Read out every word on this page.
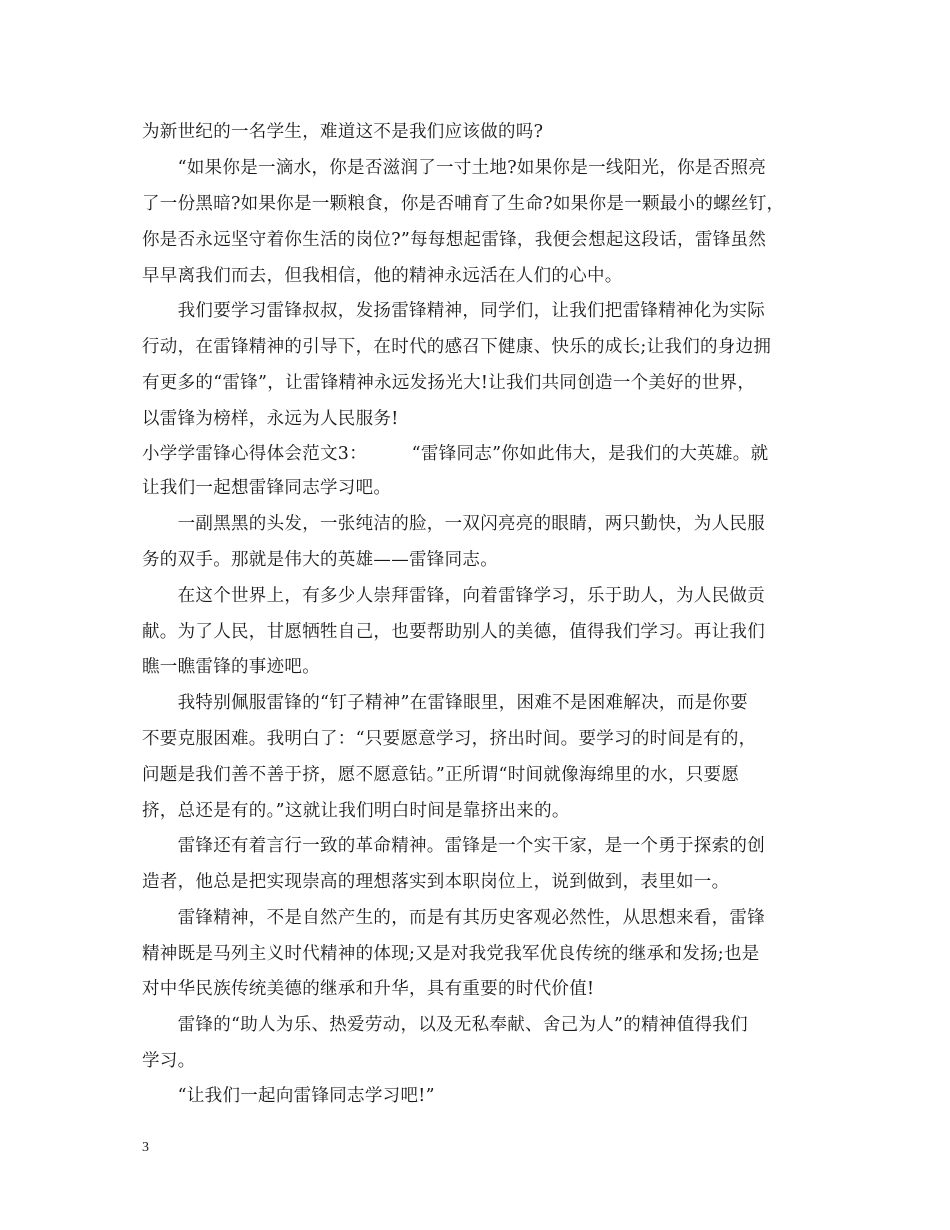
为新世纪的一名学生，难道这不是我们应该做的吗?
　　“如果你是一滴水，你是否滋润了一寸土地?如果你是一线阳光，你是否照亮
了一份黑暗?如果你是一颗粮食，你是否哺育了生命?如果你是一颗最小的螺丝钉，
你是否永远坚守着你生活的岗位?”每每想起雷锋，我便会想起这段话，雷锋虽然
早早离我们而去，但我相信，他的精神永远活在人们的心中。
　　我们要学习雷锋叔叔，发扬雷锋精神，同学们，让我们把雷锋精神化为实际
行动，在雷锋精神的引导下，在时代的感召下健康、快乐的成长;让我们的身边拥
有更多的“雷锋”，让雷锋精神永远发扬光大!让我们共同创造一个美好的世界，
以雷锋为榜样，永远为人民服务!
小学学雷锋心得体会范文3：　　　“雷锋同志”你如此伟大，是我们的大英雄。就
让我们一起想雷锋同志学习吧。
　　一副黑黑的头发，一张纯洁的脸，一双闪亮亮的眼睛，两只勤快，为人民服
务的双手。那就是伟大的英雄——雷锋同志。
　　在这个世界上，有多少人崇拜雷锋，向着雷锋学习，乐于助人，为人民做贡
献。为了人民，甘愿牺牲自己，也要帮助别人的美德，值得我们学习。再让我们
瞧一瞧雷锋的事迹吧。
　　我特别佩服雷锋的“钉子精神”在雷锋眼里，困难不是困难解决，而是你要
不要克服困难。我明白了：“只要愿意学习，挤出时间。要学习的时间是有的，
问题是我们善不善于挤，愿不愿意钻。”正所谓“时间就像海绵里的水，只要愿
挤，总还是有的。”这就让我们明白时间是靠挤出来的。
　　雷锋还有着言行一致的革命精神。雷锋是一个实干家，是一个勇于探索的创
造者，他总是把实现崇高的理想落实到本职岗位上，说到做到，表里如一。
　　雷锋精神，不是自然产生的，而是有其历史客观必然性，从思想来看，雷锋
精神既是马列主义时代精神的体现;又是对我党我军优良传统的继承和发扬;也是
对中华民族传统美德的继承和升华，具有重要的时代价值!
　　雷锋的“助人为乐、热爱劳动，以及无私奉献、舍己为人”的精神值得我们
学习。
　　“让我们一起向雷锋同志学习吧!”
3
